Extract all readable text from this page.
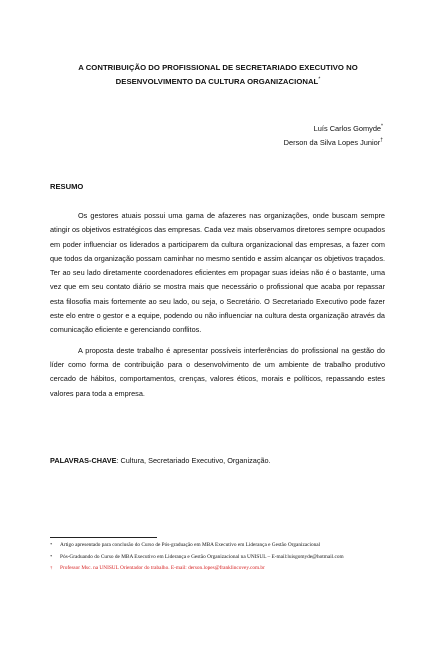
A CONTRIBUIÇÃO DO PROFISSIONAL DE SECRETARIADO EXECUTIVO NO
DESENVOLVIMENTO DA CULTURA ORGANIZACIONAL*
Luís Carlos Gomyde*
Derson da Silva Lopes Junior†
RESUMO

Os gestores atuais possui uma gama de afazeres nas organizações, onde buscam sempre atingir os objetivos estratégicos das empresas. Cada vez mais observamos diretores sempre ocupados em poder influenciar os liderados a participarem da cultura organizacional das empresas, a fazer com que todos da organização possam caminhar no mesmo sentido e assim alcançar os objetivos traçados. Ter ao seu lado diretamente coordenadores eficientes em propagar suas ideias não é o bastante, uma vez que em seu contato diário se mostra mais que necessário o profissional que acaba por repassar esta filosofia mais fortemente ao seu lado, ou seja, o Secretário. O Secretariado Executivo pode fazer este elo entre o gestor e a equipe, podendo ou não influenciar na cultura desta organização através da comunicação eficiente e gerenciando conflitos.

A proposta deste trabalho é apresentar possíveis interferências do profissional na gestão do líder como forma de contribuição para o desenvolvimento de um ambiente de trabalho produtivo cercado de hábitos, comportamentos, crenças, valores éticos, morais e políticos, repassando estes valores para toda a empresa.

PALAVRAS-CHAVE: Cultura, Secretariado Executivo, Organização.
* Artigo apresentado para conclusão do Curso de Pós-graduação em MBA Executivo em Liderança e Gestão Organizacional
* Pós-Graduando do Curso de MBA Executivo em Liderança e Gestão Organizacional na UNISUL – E-mail:luisgomyde@hotmail.com
† Professor Msc. na UNISUL Orientador do trabalho. E-mail: derson.lopes@franklincovey.com.br
